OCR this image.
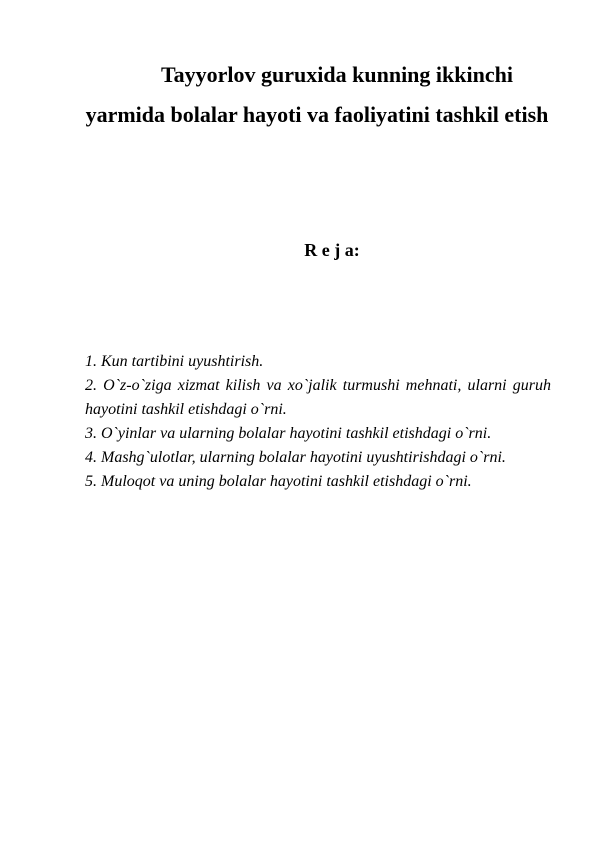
Tayyorlov guruxida kunning ikkinchi yarmida bolalar hayoti va faoliyatini tashkil etish

R e j a:

1. Kun tartibini uyushtirish.
2. O`z-o`ziga xizmat kilish va xo`jalik turmushi mehnati, ularni guruh hayotini tashkil etishdagi o`rni.
3. O`yinlar va ularning bolalar hayotini tashkil etishdagi o`rni.
4. Mashg`ulotlar, ularning bolalar hayotini uyushtirishdagi o`rni.
5. Muloqot va uning bolalar hayotini tashkil etishdagi o`rni.
